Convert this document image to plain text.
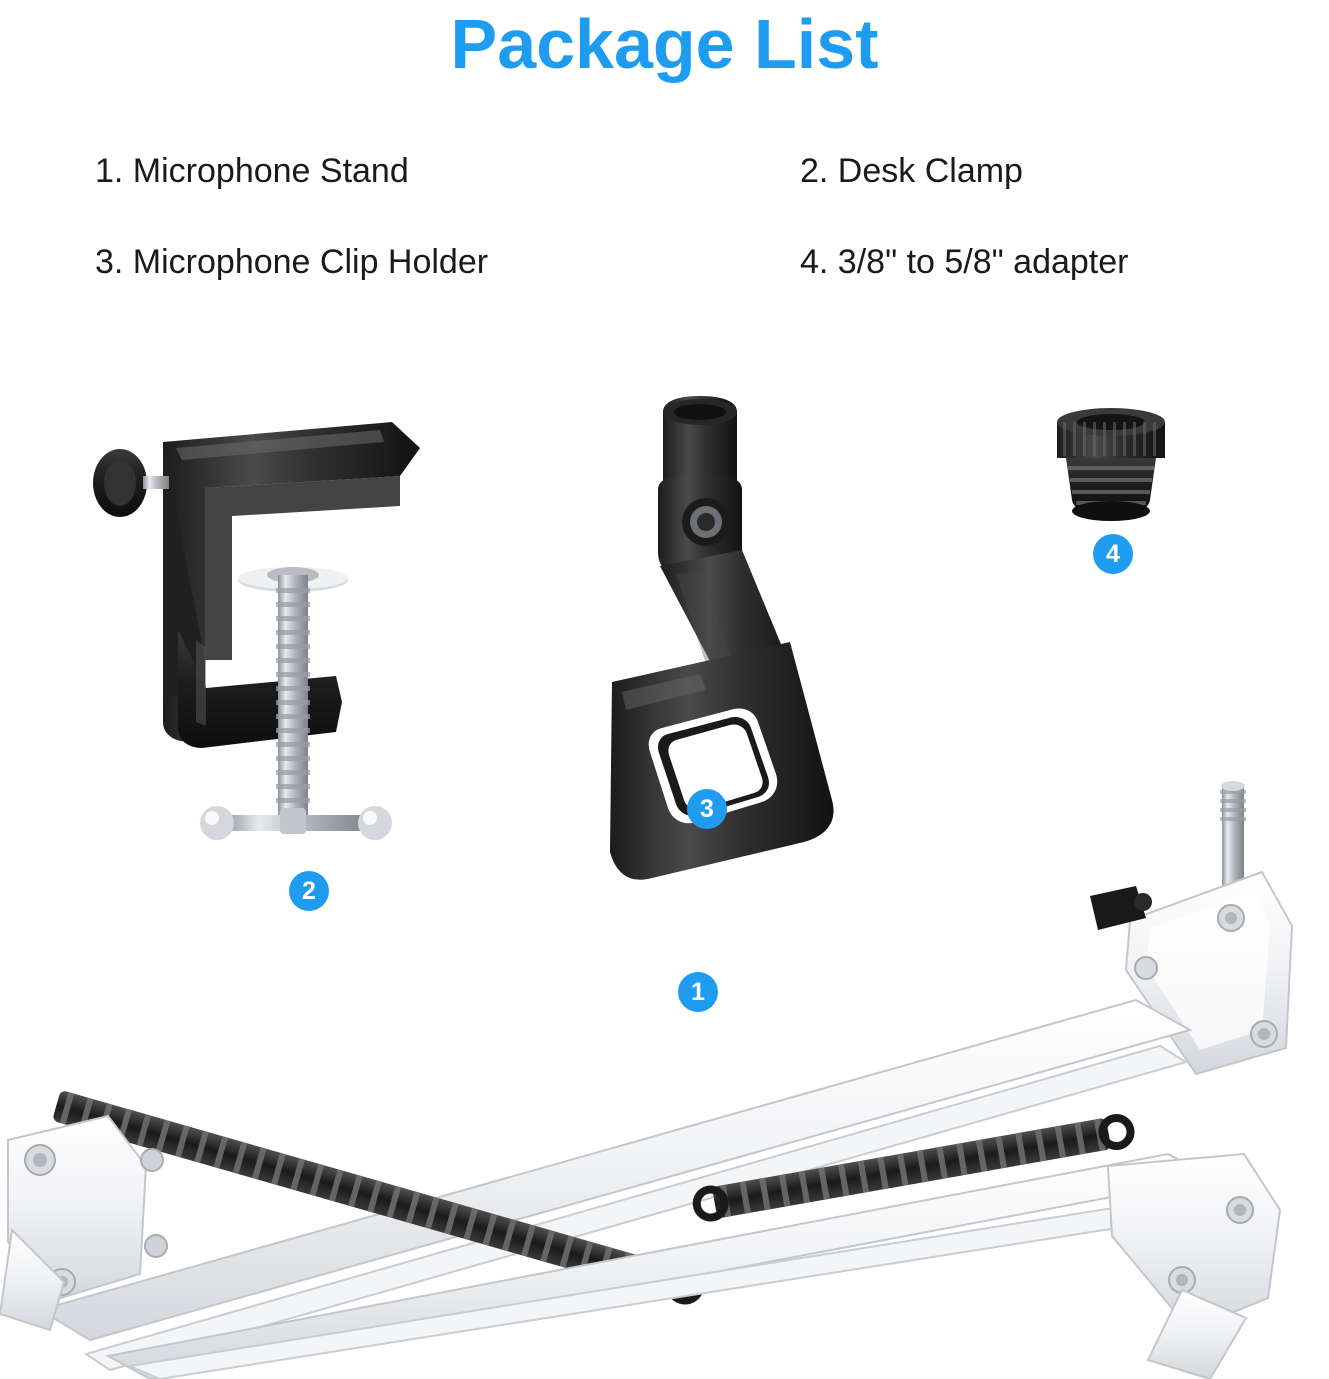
Package List
1. Microphone Stand	2. Desk Clamp
3. Microphone Clip Holder	4. 3/8" to 5/8" adapter
1
2
3
4
